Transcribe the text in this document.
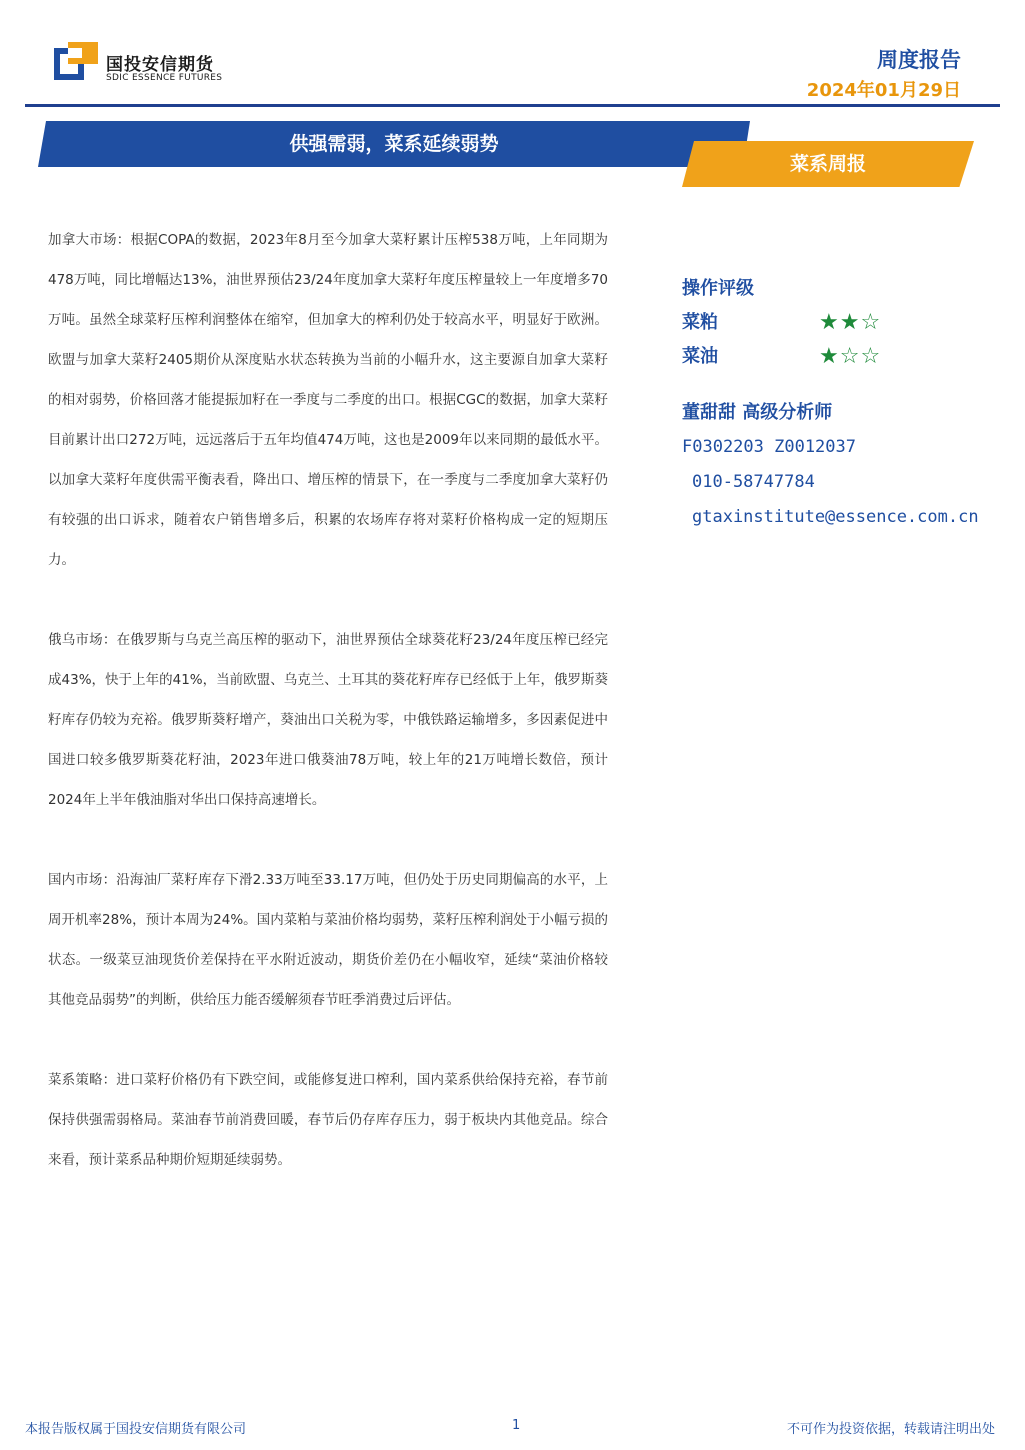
国投安信期货
SDIC ESSENCE FUTURES
周度报告
2024年01月29日
供强需弱，菜系延续弱势
菜系周报

加拿大市场：根据COPA的数据，2023年8月至今加拿大菜籽累计压榨538万吨，上年同期为478万吨，同比增幅达13%，油世界预估23/24年度加拿大菜籽年度压榨量较上一年度增多70万吨。虽然全球菜籽压榨利润整体在缩窄，但加拿大的榨利仍处于较高水平，明显好于欧洲。欧盟与加拿大菜籽2405期价从深度贴水状态转换为当前的小幅升水，这主要源自加拿大菜籽的相对弱势，价格回落才能提振加籽在一季度与二季度的出口。根据CGC的数据，加拿大菜籽目前累计出口272万吨，远远落后于五年均值474万吨，这也是2009年以来同期的最低水平。以加拿大菜籽年度供需平衡表看，降出口、增压榨的情景下，在一季度与二季度加拿大菜籽仍有较强的出口诉求，随着农户销售增多后，积累的农场库存将对菜籽价格构成一定的短期压力。

俄乌市场：在俄罗斯与乌克兰高压榨的驱动下，油世界预估全球葵花籽23/24年度压榨已经完成43%，快于上年的41%，当前欧盟、乌克兰、土耳其的葵花籽库存已经低于上年，俄罗斯葵籽库存仍较为充裕。俄罗斯葵籽增产，葵油出口关税为零，中俄铁路运输增多，多因素促进中国进口较多俄罗斯葵花籽油，2023年进口俄葵油78万吨，较上年的21万吨增长数倍，预计2024年上半年俄油脂对华出口保持高速增长。

国内市场：沿海油厂菜籽库存下滑2.33万吨至33.17万吨，但仍处于历史同期偏高的水平，上周开机率28%，预计本周为24%。国内菜粕与菜油价格均弱势，菜籽压榨利润处于小幅亏损的状态。一级菜豆油现货价差保持在平水附近波动，期货价差仍在小幅收窄，延续“菜油价格较其他竞品弱势”的判断，供给压力能否缓解须春节旺季消费过后评估。

菜系策略：进口菜籽价格仍有下跌空间，或能修复进口榨利，国内菜系供给保持充裕，春节前保持供强需弱格局。菜油春节前消费回暖，春节后仍存库存压力，弱于板块内其他竞品。综合来看，预计菜系品种期价短期延续弱势。

操作评级
菜粕	★★☆
菜油	★☆☆
董甜甜 高级分析师
F0302203 Z0012037
010-58747784
gtaxinstitute@essence.com.cn
本报告版权属于国投安信期货有限公司	1	不可作为投资依据，转载请注明出处
